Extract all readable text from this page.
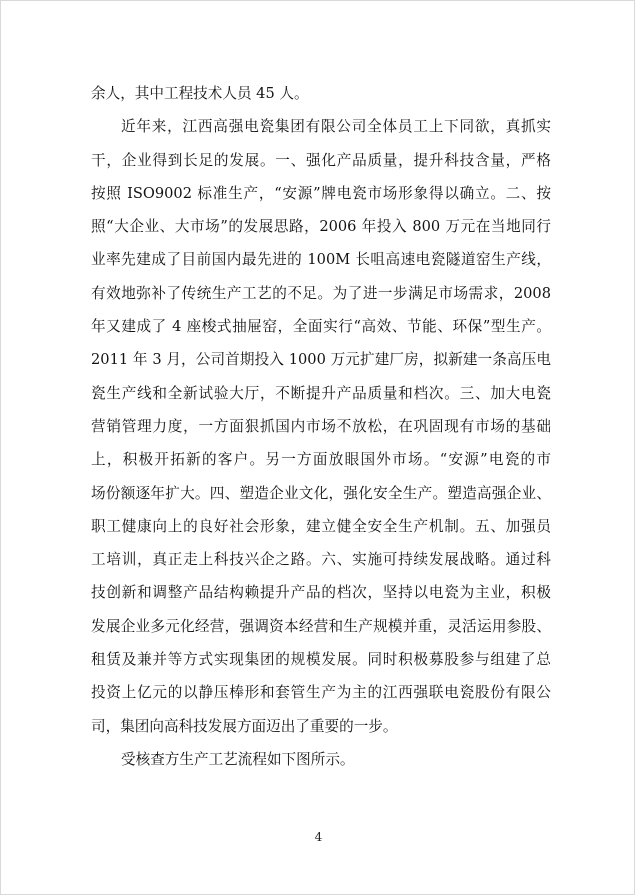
余人，其中工程技术人员 45 人。
近年来，江西高强电瓷集团有限公司全体员工上下同欲，真抓实
干，企业得到长足的发展。一、强化产品质量，提升科技含量，严格
按照 ISO9002 标准生产，“安源”牌电瓷市场形象得以确立。二、按
照“大企业、大市场”的发展思路，2006 年投入 800 万元在当地同行
业率先建成了目前国内最先进的 100M 长咀高速电瓷隧道窑生产线，
有效地弥补了传统生产工艺的不足。为了进一步满足市场需求，2008
年又建成了 4 座梭式抽屉窑，全面实行“高效、节能、环保”型生产。
2011 年 3 月，公司首期投入 1000 万元扩建厂房，拟新建一条高压电
瓷生产线和全新试验大厅，不断提升产品质量和档次。三、加大电瓷
营销管理力度，一方面狠抓国内市场不放松，在巩固现有市场的基础
上，积极开拓新的客户。另一方面放眼国外市场。“安源”电瓷的市
场份额逐年扩大。四、塑造企业文化，强化安全生产。塑造高强企业、
职工健康向上的良好社会形象，建立健全安全生产机制。五、加强员
工培训，真正走上科技兴企之路。六、实施可持续发展战略。通过科
技创新和调整产品结构赖提升产品的档次，坚持以电瓷为主业，积极
发展企业多元化经营，强调资本经营和生产规模并重，灵活运用参股、
租赁及兼并等方式实现集团的规模发展。同时积极募股参与组建了总
投资上亿元的以静压棒形和套管生产为主的江西强联电瓷股份有限公
司，集团向高科技发展方面迈出了重要的一步。
受核查方生产工艺流程如下图所示。
4
